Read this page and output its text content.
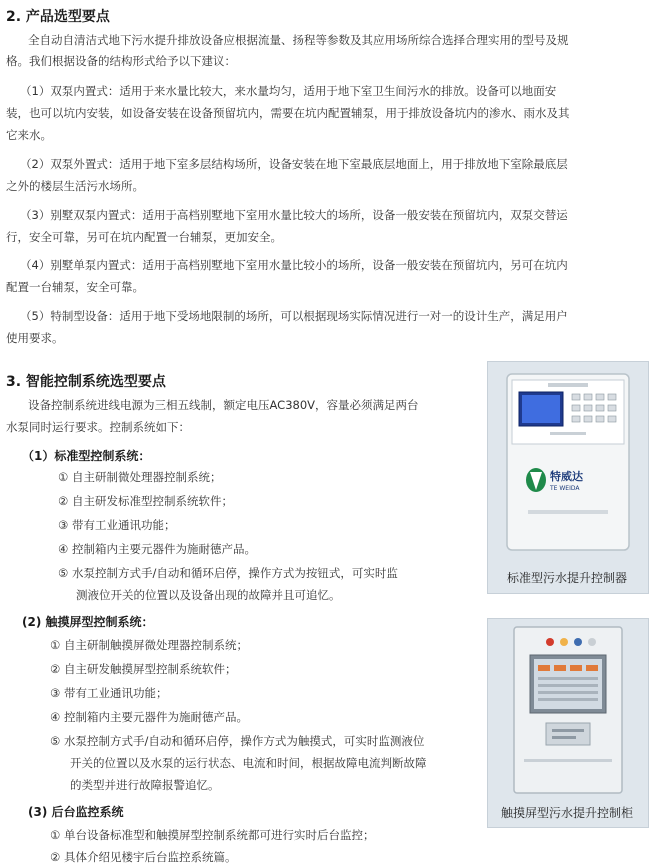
2. 产品选型要点
全自动自清洁式地下污水提升排放设备应根据流量、扬程等参数及其应用场所综合选择合理实用的型号及规
格。我们根据设备的结构形式给予以下建议：
（1）双泵内置式：适用于来水量比较大，来水量均匀，适用于地下室卫生间污水的排放。设备可以地面安
装，也可以坑内安装，如设备安装在设备预留坑内，需要在坑内配置辅泵，用于排放设备坑内的渗水、雨水及其
它来水。
（2）双泵外置式：适用于地下室多层结构场所，设备安装在地下室最底层地面上，用于排放地下室除最底层
之外的楼层生活污水场所。
（3）别墅双泵内置式：适用于高档别墅地下室用水量比较大的场所，设备一般安装在预留坑内，双泵交替运
行，安全可靠，另可在坑内配置一台辅泵，更加安全。
（4）别墅单泵内置式：适用于高档别墅地下室用水量比较小的场所，设备一般安装在预留坑内，另可在坑内
配置一台辅泵，安全可靠。
（5）特制型设备：适用于地下受场地限制的场所，可以根据现场实际情况进行一对一的设计生产，满足用户
使用要求。
3. 智能控制系统选型要点
设备控制系统进线电源为三相五线制，额定电压AC380V，容量必须满足两台
水泵同时运行要求。控制系统如下：
（1）标准型控制系统：
① 自主研制微处理器控制系统；
② 自主研发标准型控制系统软件；
③ 带有工业通讯功能；
④ 控制箱内主要元器件为施耐德产品。
⑤ 水泵控制方式手/自动和循环启停，操作方式为按钮式，可实时监
测液位开关的位置以及设备出现的故障并且可追忆。
(2) 触摸屏型控制系统：
① 自主研制触摸屏微处理器控制系统；
② 自主研发触摸屏型控制系统软件；
③ 带有工业通讯功能；
④ 控制箱内主要元器件为施耐德产品。
⑤ 水泵控制方式手/自动和循环启停，操作方式为触摸式，可实时监测液位
开关的位置以及水泵的运行状态、电流和时间，根据故障电流判断故障
的类型并进行故障报警追忆。
(3) 后台监控系统
① 单台设备标准型和触摸屏型控制系统都可进行实时后台监控；
② 具体介绍见楼宇后台监控系统篇。
特威达
TE WEIDA
标准型污水提升控制器
触摸屏型污水提升控制柜
